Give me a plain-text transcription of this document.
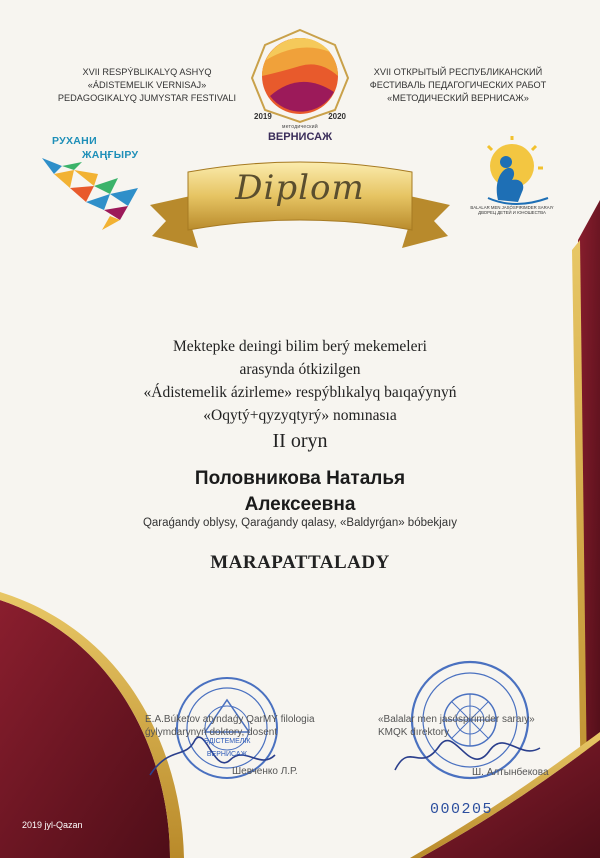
XVII RESPÝBLIKALYQ ASHYQ
«ÁDISTEMELIK VERNISAJ»
PEDAGOGIKALYQ JUMYSTAR FESTIVALI
XVII ОТКРЫТЫЙ РЕСПУБЛИКАНСКИЙ
ФЕСТИВАЛЬ ПЕДАГОГИЧЕСКИХ РАБОТ
«МЕТОДИЧЕСКИЙ ВЕРНИСАЖ»
2019	2020
методический
ВЕРНИСАЖ
РУХАНИ
ЖАҢҒЫРУ
BALALAR MEN JASÓSPIRIMDER SARAIY
ДВОРЕЦ ДЕТЕЙ И ЮНОШЕСТВА
Diplom
Mektepke deıingi bilim berý mekemeleri
arasynda ótkizilgen
«Ádistemelik ázirleme» respýblıkalyq baıqaýynyń
«Oqytý+qyzyqtyrý» nomınasıa
II oryn
Половникова Наталья
Алексеевна
Qaraǵandy oblysy, Qaraǵandy qalasy, «Baldyrǵan» bóbekjaıy
MARAPATTALADY
E.A.Búketov atyndaǵy QarMÝ filologia
ǵylymdarynyń doktory, dosent
Шевченко Л.Р.
ӘДІСТЕМЕЛІК ВЕРНИСАЖ
«Balalar men jasóspirimder saraıy»
KMQK dırektory
Ш. Алтынбекова
000205
2019 jyl-Qazan
